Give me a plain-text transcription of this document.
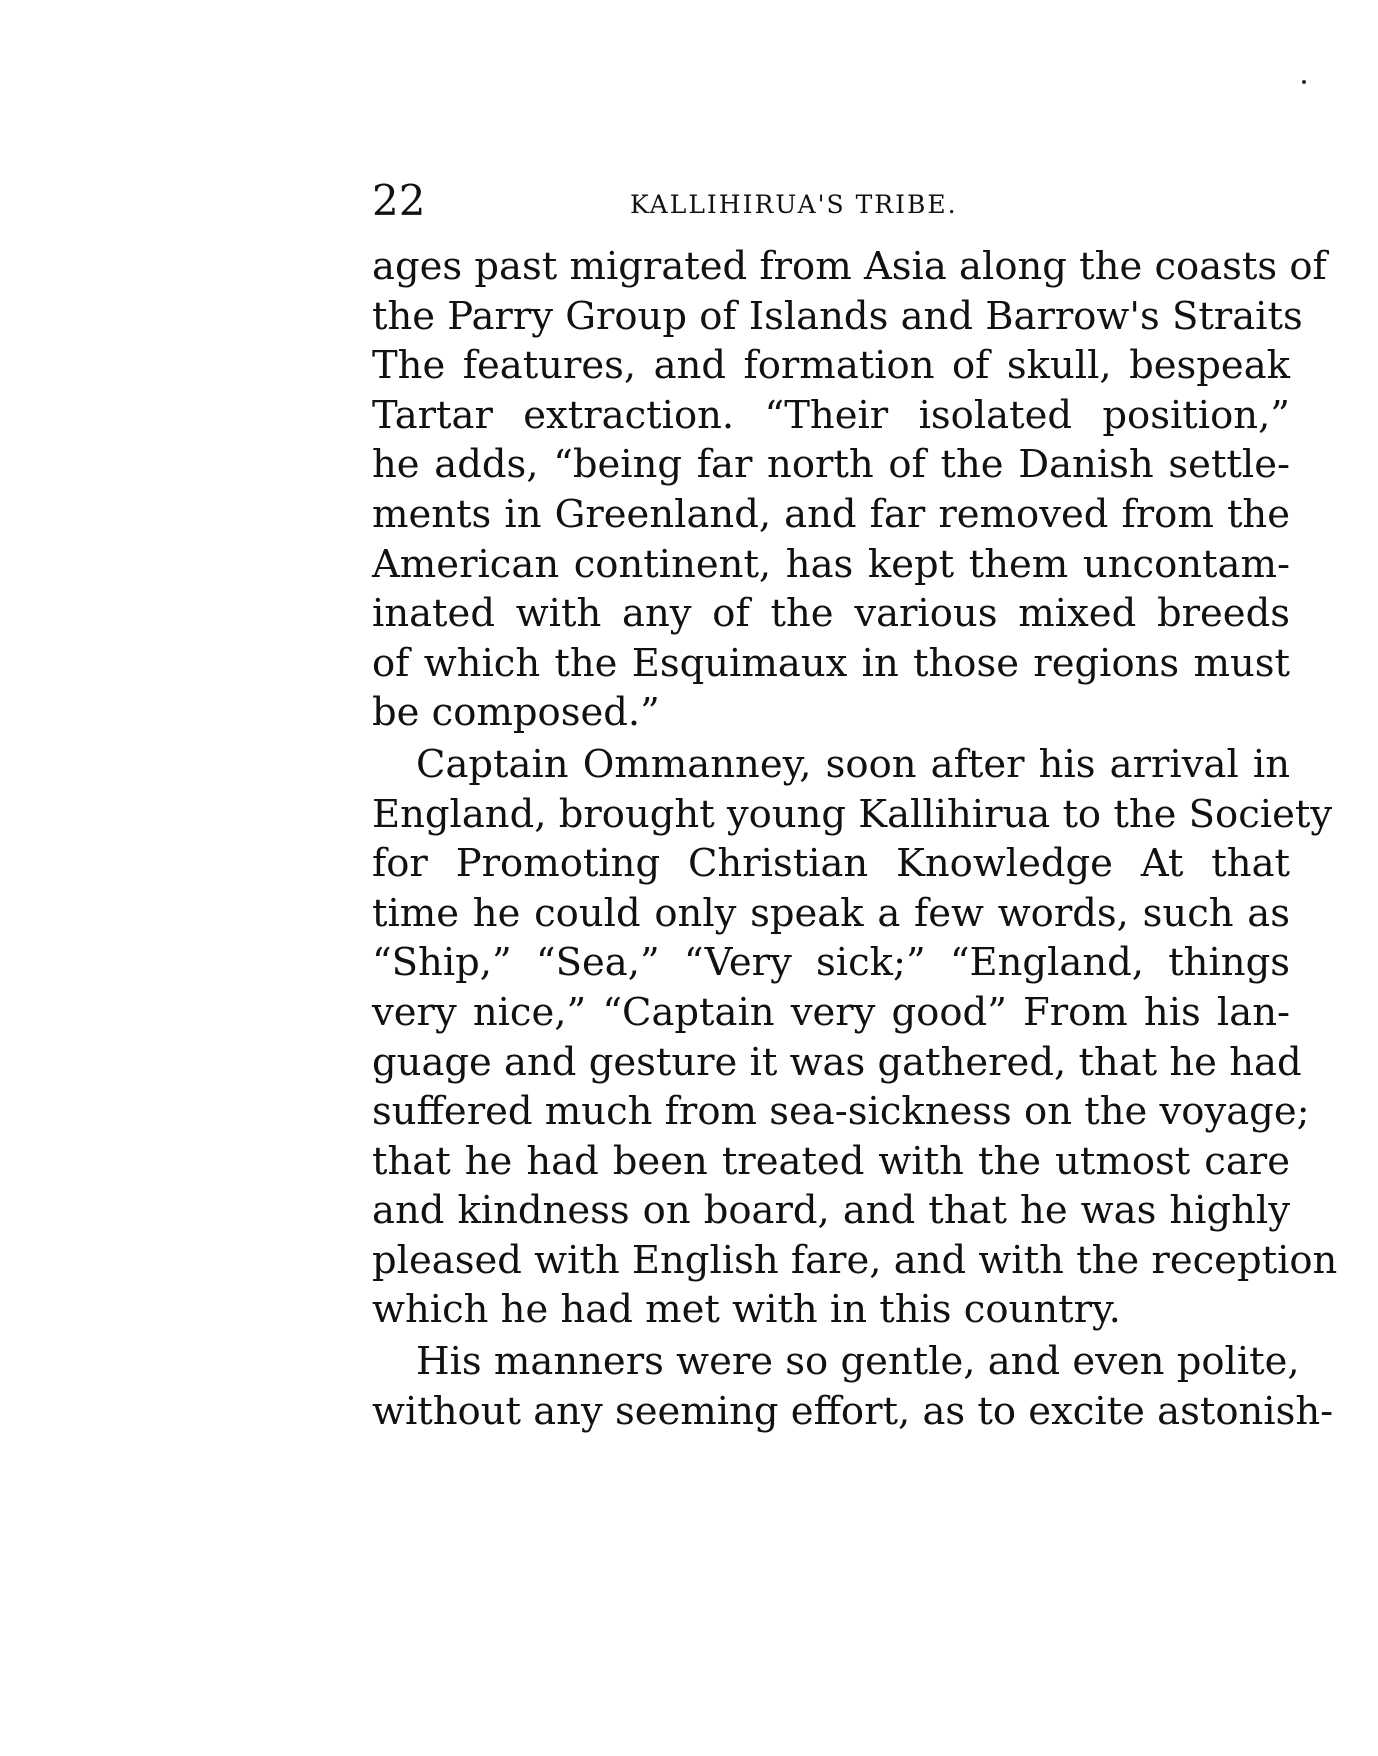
22	KALLIHIRUA'S TRIBE.
ages past migrated from Asia along the coasts of
the Parry Group of Islands and Barrow's Straits
The features, and formation of skull, bespeak
Tartar extraction. “Their isolated position,”
he adds, “being far north of the Danish settle-
ments in Greenland, and far removed from the
American continent, has kept them uncontam-
inated with any of the various mixed breeds
of which the Esquimaux in those regions must
be composed.”
Captain Ommanney, soon after his arrival in
England, brought young Kallihirua to the Society
for Promoting Christian Knowledge At that
time he could only speak a few words, such as
“Ship,” “Sea,” “Very sick;” “England, things
very nice,” “Captain very good” From his lan-
guage and gesture it was gathered, that he had
suffered much from sea-sickness on the voyage;
that he had been treated with the utmost care
and kindness on board, and that he was highly
pleased with English fare, and with the reception
which he had met with in this country.
His manners were so gentle, and even polite,
without any seeming effort, as to excite astonish-
